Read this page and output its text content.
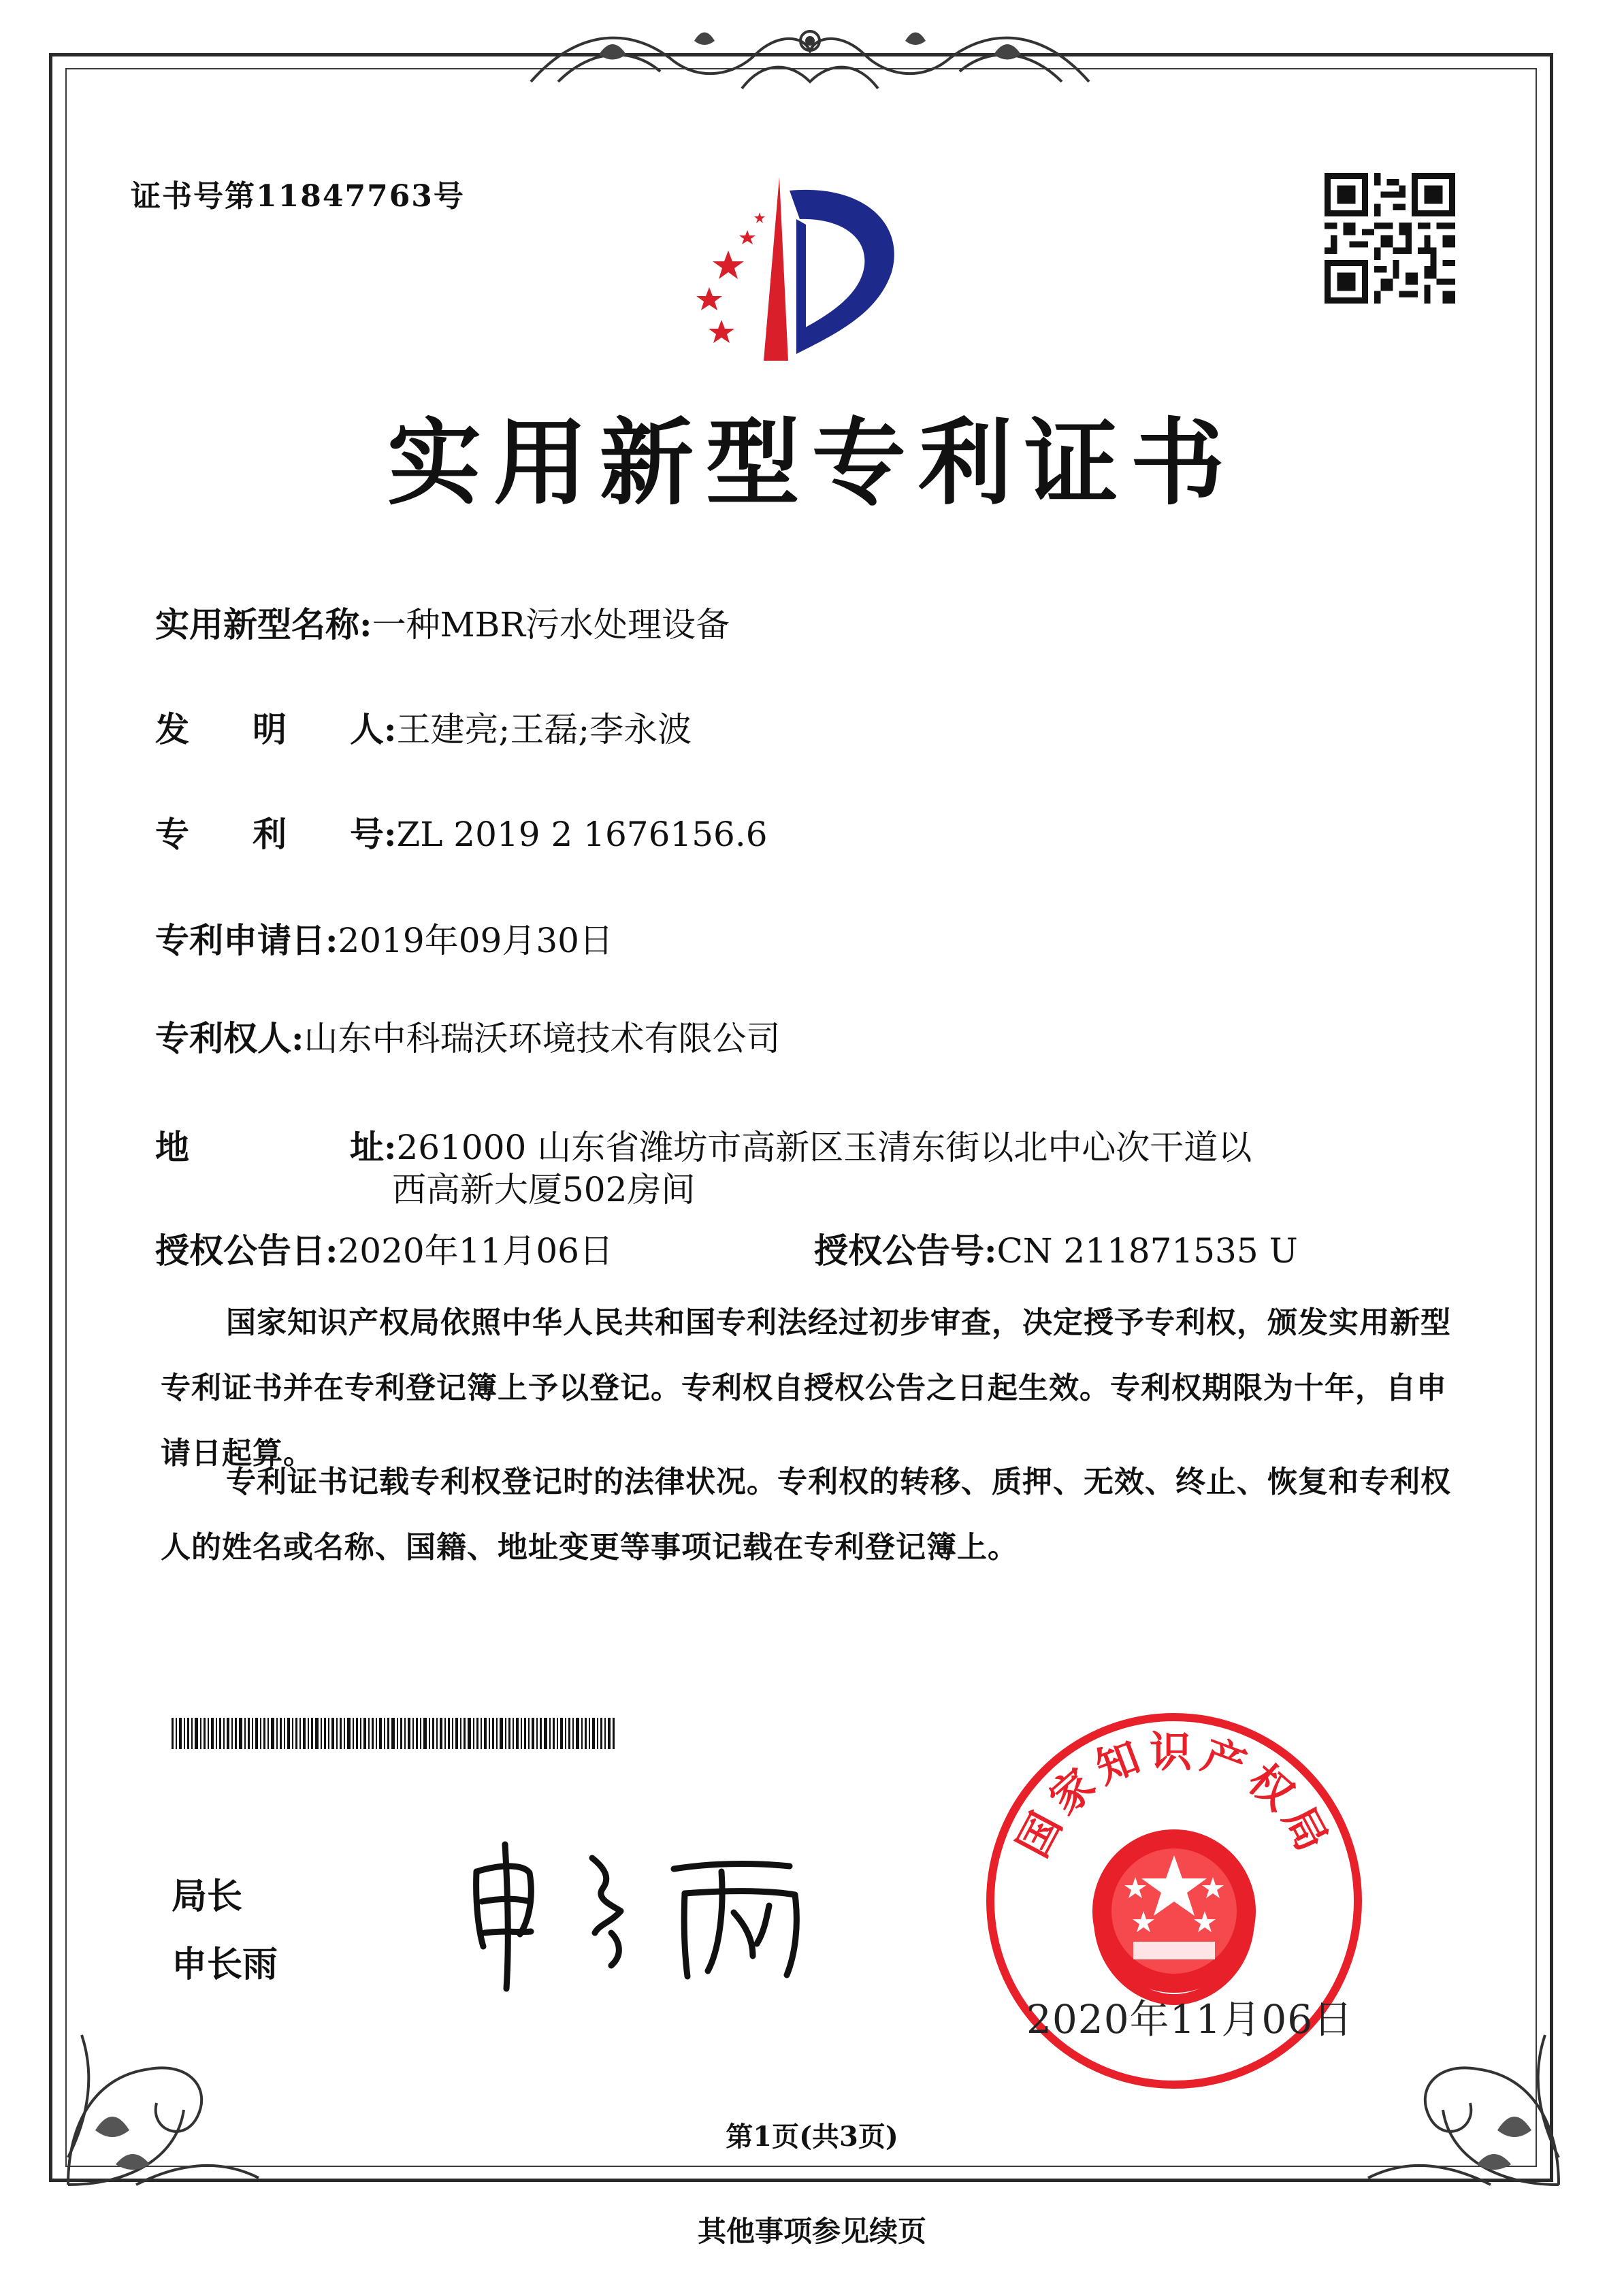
证书号第11847763号
实用新型专利证书
实用新型名称:一种MBR污水处理设备
发明人:王建亮;王磊;李永波
专利号:ZL 2019 2 1676156.6
专利申请日:2019年09月30日
专利权人:山东中科瑞沃环境技术有限公司
地址:261000 山东省潍坊市高新区玉清东街以北中心次干道以
西高新大厦502房间
授权公告日:2020年11月06日	授权公告号:CN 211871535 U
国家知识产权局依照中华人民共和国专利法经过初步审查，决定授予专利权，颁发实用新型专利证书并在专利登记簿上予以登记。专利权自授权公告之日起生效。专利权期限为十年，自申请日起算。
专利证书记载专利权登记时的法律状况。专利权的转移、质押、无效、终止、恢复和专利权人的姓名或名称、国籍、地址变更等事项记载在专利登记簿上。
局长
申长雨
国家知识产权局
2020年11月06日
第1页(共3页)
其他事项参见续页
